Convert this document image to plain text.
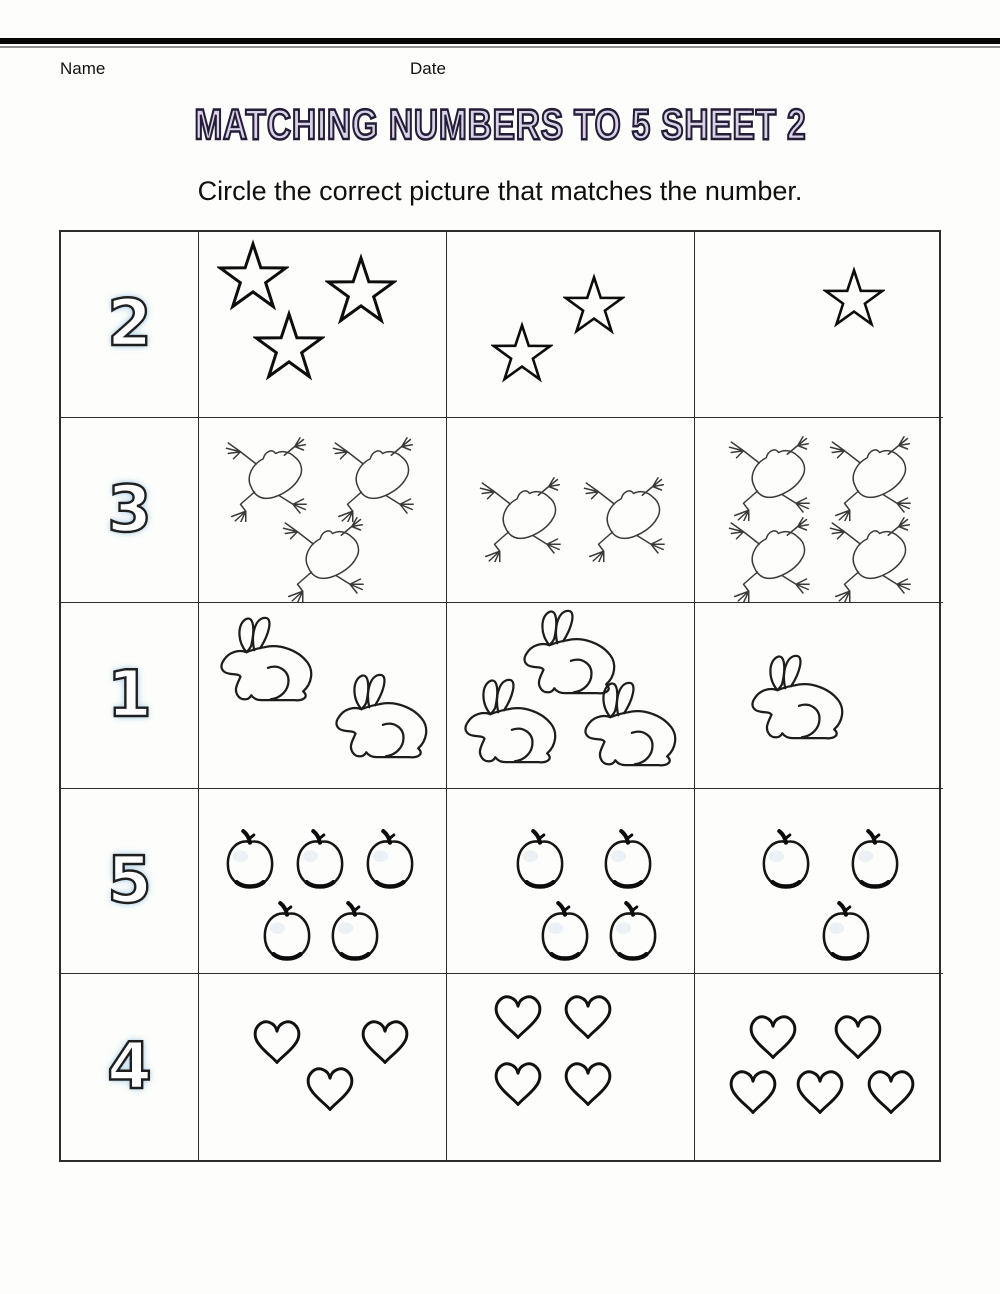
Name	Date
MATCHING NUMBERS TO 5 SHEET 2
Circle the correct picture that matches the number.
2
3
1
5
4
